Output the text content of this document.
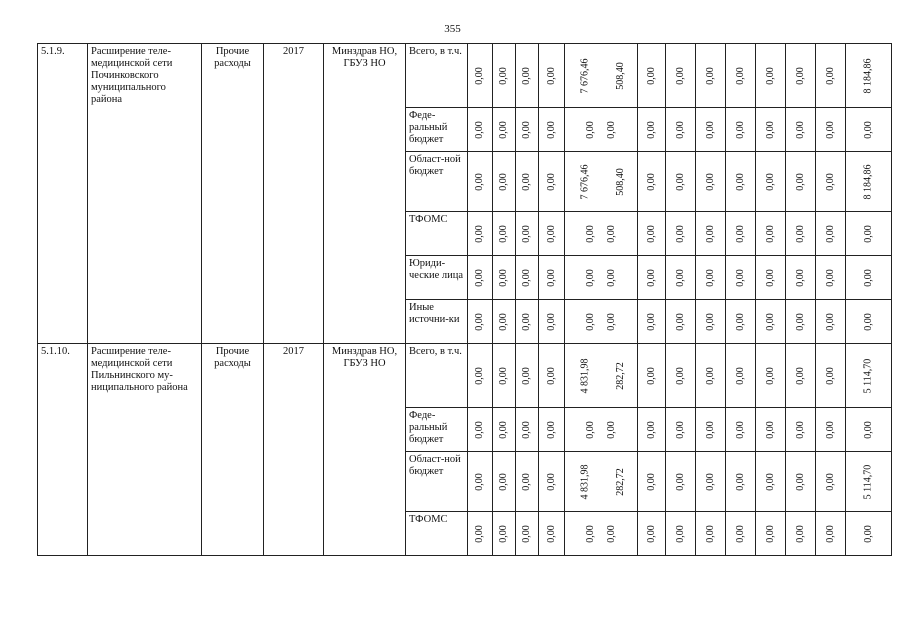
355
5.1.9.	Расширение теле-медицинской сети Починковского муниципального района	Прочие расходы	2017	Минздрав НО, ГБУЗ НО	Всего, в т.ч.	0,00	0,00	0,00	0,00	7 676,46 508,40	0,00	0,00	0,00	0,00	0,00	0,00	0,00	8 184,86

					Феде-ральный бюджет	0,00	0,00	0,00	0,00	0,00 0,00	0,00	0,00	0,00	0,00	0,00	0,00	0,00	0,00

					Област-ной бюджет	0,00	0,00	0,00	0,00	7 676,46 508,40	0,00	0,00	0,00	0,00	0,00	0,00	0,00	8 184,86

					ТФОМС	0,00	0,00	0,00	0,00	0,00 0,00	0,00	0,00	0,00	0,00	0,00	0,00	0,00	0,00

					Юриди-ческие лица	0,00	0,00	0,00	0,00	0,00 0,00	0,00	0,00	0,00	0,00	0,00	0,00	0,00	0,00

					Иные источни-ки	0,00	0,00	0,00	0,00	0,00 0,00	0,00	0,00	0,00	0,00	0,00	0,00	0,00	0,00

5.1.10.	Расширение теле-медицинской сети Пильнинского му-ниципального района	Прочие расходы	2017	Минздрав НО, ГБУЗ НО	Всего, в т.ч.	0,00	0,00	0,00	0,00	4 831,98 282,72	0,00	0,00	0,00	0,00	0,00	0,00	0,00	5 114,70

					Феде-ральный бюджет	0,00	0,00	0,00	0,00	0,00 0,00	0,00	0,00	0,00	0,00	0,00	0,00	0,00	0,00

					Област-ной бюджет	0,00	0,00	0,00	0,00	4 831,98 282,72	0,00	0,00	0,00	0,00	0,00	0,00	0,00	5 114,70

					ТФОМС	0,00	0,00	0,00	0,00	0,00 0,00	0,00	0,00	0,00	0,00	0,00	0,00	0,00	0,00
